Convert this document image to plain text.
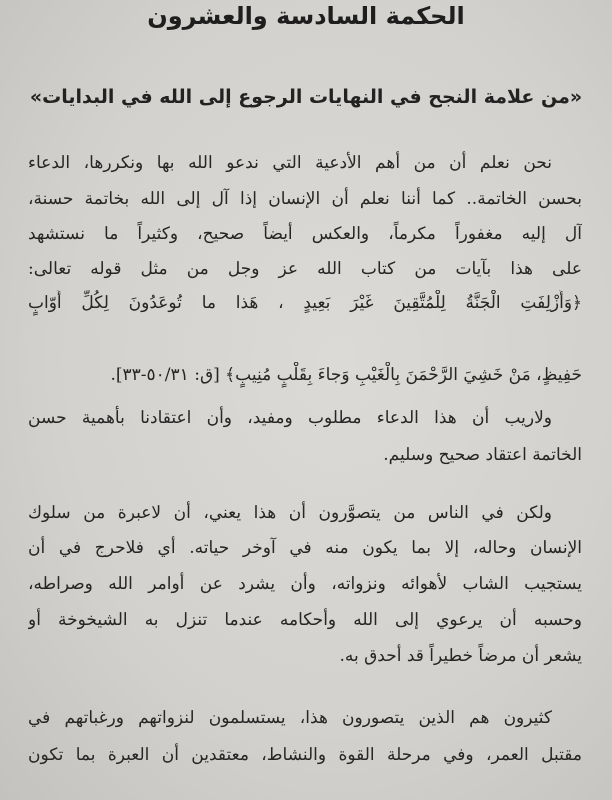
الحكمة السادسة والعشرون
«من علامة النجح في النهايات الرجوع إلى الله في البدايات»
نحن نعلم أن من أهم الأدعية التي ندعو الله بها ونكررها، الدعاء
بحسن الخاتمة.. كما أننا نعلم أن الإنسان إذا آل إلى الله بخاتمة حسنة،
آل إليه مغفوراً مكرماً، والعكس أيضاً صحيح، وكثيراً ما نستشهد
على هذا بآيات من كتاب الله عز وجل من مثل قوله تعالى:
﴿وَأُزْلِفَتِ الْجَنَّةُ لِلْمُتَّقِينَ غَيْرَ بَعِيدٍ ، هَذا ما تُوعَدُونَ لِكُلِّ أَوّابٍ
حَفِيظٍ، مَنْ خَشِيَ الرَّحْمَنَ بِالْغَيْبِ وَجاءَ بِقَلْبٍ مُنِيبٍ﴾ [ق: ٥٠/٣١-٣٣].
ولاريب أن هذا الدعاء مطلوب ومفيد، وأن اعتقادنا بأهمية حسن
الخاتمة اعتقاد صحيح وسليم.
ولكن في الناس من يتصوَّرون أن هذا يعني، أن لاعبرة من سلوك
الإنسان وحاله، إلا بما يكون منه في آوخر حياته. أي فلاحرج في أن
يستجيب الشاب لأهوائه ونزواته، وأن يشرد عن أوامر الله وصراطه،
وحسبه أن يرعوي إلى الله وأحكامه عندما تنزل به الشيخوخة أو
يشعر أن مرضاً خطيراً قد أحدق به.
كثيرون هم الذين يتصورون هذا، يستسلمون لنزواتهم ورغباتهم في
مقتبل العمر، وفي مرحلة القوة والنشاط، معتقدين أن العبرة بما تكون
